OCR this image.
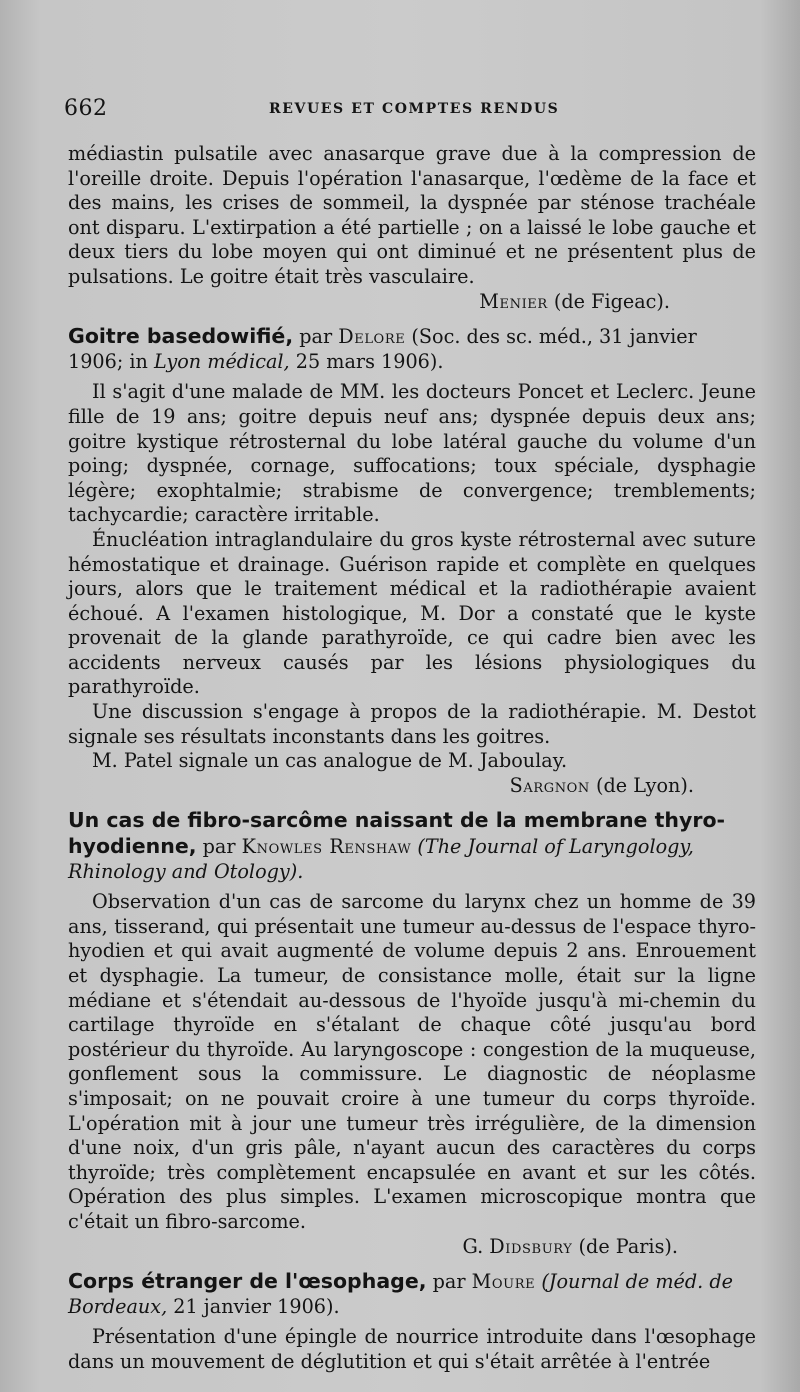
662	REVUES ET COMPTES RENDUS

médiastin pulsatile avec anasarque grave due à la compression de l'oreille droite. Depuis l'opération l'anasarque, l'œdème de la face et des mains, les crises de sommeil, la dyspnée par sténose trachéale ont disparu. L'extirpation a été partielle ; on a laissé le lobe gauche et deux tiers du lobe moyen qui ont diminué et ne présentent plus de pulsations. Le goitre était très vasculaire.

Menier (de Figeac).

Goitre basedowifié, par Delore (Soc. des sc. méd., 31 janvier 1906; in Lyon médical, 25 mars 1906).

Il s'agit d'une malade de MM. les docteurs Poncet et Leclerc. Jeune fille de 19 ans; goitre depuis neuf ans; dyspnée depuis deux ans; goitre kystique rétrosternal du lobe latéral gauche du volume d'un poing; dyspnée, cornage, suffocations; toux spéciale, dysphagie légère; exophtalmie; strabisme de convergence; tremblements; tachycardie; caractère irritable.

Énucléation intraglandulaire du gros kyste rétrosternal avec suture hémostatique et drainage. Guérison rapide et complète en quelques jours, alors que le traitement médical et la radiothérapie avaient échoué. A l'examen histologique, M. Dor a constaté que le kyste provenait de la glande parathyroïde, ce qui cadre bien avec les accidents nerveux causés par les lésions physiologiques du parathyroïde.

Une discussion s'engage à propos de la radiothérapie. M. Destot signale ses résultats inconstants dans les goitres.

M. Patel signale un cas analogue de M. Jaboulay.

Sargnon (de Lyon).

Un cas de fibro-sarcôme naissant de la membrane thyro-hyodienne, par Knowles Renshaw (The Journal of Laryngology, Rhinology and Otology).

Observation d'un cas de sarcome du larynx chez un homme de 39 ans, tisserand, qui présentait une tumeur au-dessus de l'espace thyro-hyodien et qui avait augmenté de volume depuis 2 ans. Enrouement et dysphagie. La tumeur, de consistance molle, était sur la ligne médiane et s'étendait au-dessous de l'hyoïde jusqu'à mi-chemin du cartilage thyroïde en s'étalant de chaque côté jusqu'au bord postérieur du thyroïde. Au laryngoscope : congestion de la muqueuse, gonflement sous la commissure. Le diagnostic de néoplasme s'imposait; on ne pouvait croire à une tumeur du corps thyroïde. L'opération mit à jour une tumeur très irrégulière, de la dimension d'une noix, d'un gris pâle, n'ayant aucun des caractères du corps thyroïde; très complètement encapsulée en avant et sur les côtés. Opération des plus simples. L'examen microscopique montra que c'était un fibro-sarcome.

G. Didsbury (de Paris).

Corps étranger de l'œsophage, par Moure (Journal de méd. de Bordeaux, 21 janvier 1906).

Présentation d'une épingle de nourrice introduite dans l'œsophage dans un mouvement de déglutition et qui s'était arrêtée à l'entrée
